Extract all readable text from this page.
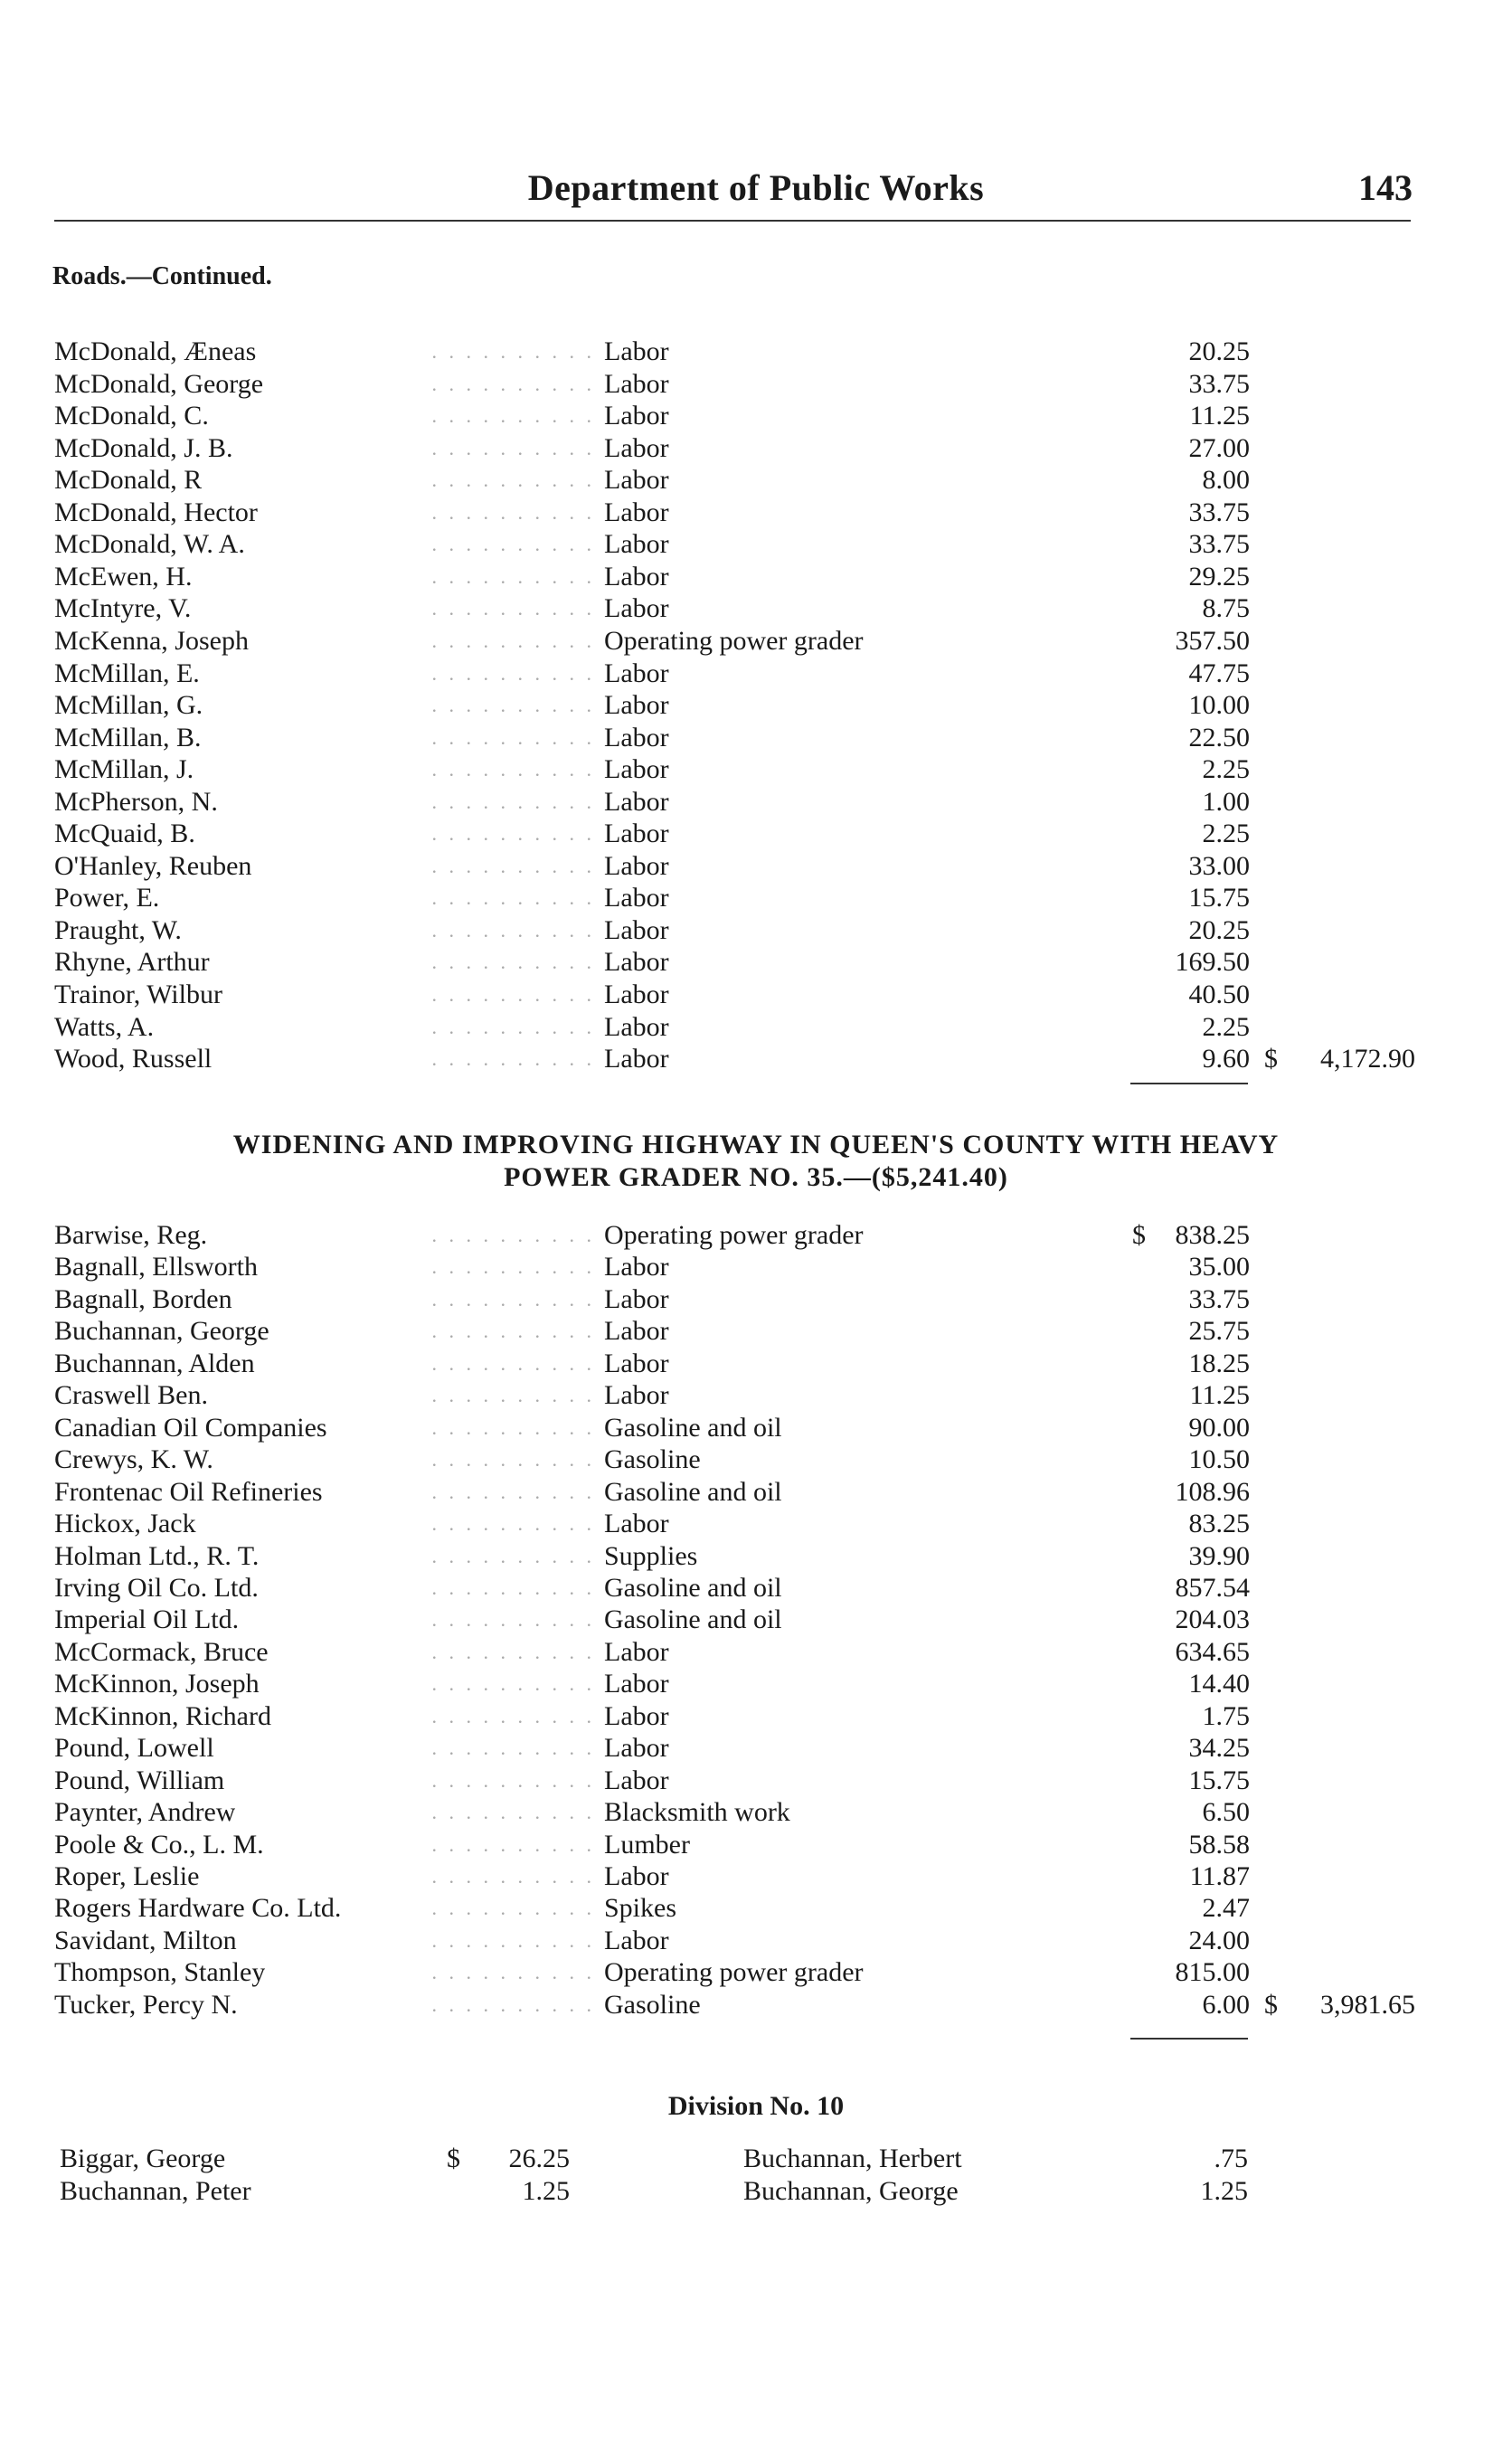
Department of Public Works	143
Roads.—Continued.
McDonald, Æneas	. . . . . . . . . . Labor	20.25
McDonald, George	. . . . . . . . . . Labor	33.75
McDonald, C.	. . . . . . . . . . Labor	11.25
McDonald, J. B.	. . . . . . . . . . Labor	27.00
McDonald, R	. . . . . . . . . . Labor	8.00
McDonald, Hector	. . . . . . . . . . Labor	33.75
McDonald, W. A.	. . . . . . . . . . Labor	33.75
McEwen, H.	. . . . . . . . . . Labor	29.25
McIntyre, V.	. . . . . . . . . . Labor	8.75
McKenna, Joseph	. . . . . . . . . . Operating power grader	357.50
McMillan, E.	. . . . . . . . . . Labor	47.75
McMillan, G.	. . . . . . . . . . Labor	10.00
McMillan, B.	. . . . . . . . . . Labor	22.50
McMillan, J.	. . . . . . . . . . Labor	2.25
McPherson, N.	. . . . . . . . . . Labor	1.00
McQuaid, B.	. . . . . . . . . . Labor	2.25
O'Hanley, Reuben	. . . . . . . . . . Labor	33.00
Power, E.	. . . . . . . . . . Labor	15.75
Praught, W.	. . . . . . . . . . Labor	20.25
Rhyne, Arthur	. . . . . . . . . . Labor	169.50
Trainor, Wilbur	. . . . . . . . . . Labor	40.50
Watts, A.	. . . . . . . . . . Labor	2.25
Wood, Russell	. . . . . . . . . . Labor	9.60 $	4,172.90
WIDENING AND IMPROVING HIGHWAY IN QUEEN'S COUNTY WITH HEAVY
POWER GRADER NO. 35.—($5,241.40)
Barwise, Reg.	. . . . . . . . . . Operating power grader	$	838.25
Bagnall, Ellsworth	. . . . . . . . . . Labor	35.00
Bagnall, Borden	. . . . . . . . . . Labor	33.75
Buchannan, George	. . . . . . . . . . Labor	25.75
Buchannan, Alden	. . . . . . . . . . Labor	18.25
Craswell Ben.	. . . . . . . . . . Labor	11.25
Canadian Oil Companies	. . . . . . . . . . Gasoline and oil	90.00
Crewys, K. W.	. . . . . . . . . . Gasoline	10.50
Frontenac Oil Refineries	. . . . . . . . . . Gasoline and oil	108.96
Hickox, Jack	. . . . . . . . . . Labor	83.25
Holman Ltd., R. T.	. . . . . . . . . . Supplies	39.90
Irving Oil Co. Ltd.	. . . . . . . . . . Gasoline and oil	857.54
Imperial Oil Ltd.	. . . . . . . . . . Gasoline and oil	204.03
McCormack, Bruce	. . . . . . . . . . Labor	634.65
McKinnon, Joseph	. . . . . . . . . . Labor	14.40
McKinnon, Richard	. . . . . . . . . . Labor	1.75
Pound, Lowell	. . . . . . . . . . Labor	34.25
Pound, William	. . . . . . . . . . Labor	15.75
Paynter, Andrew	. . . . . . . . . . Blacksmith work	6.50
Poole & Co., L. M.	. . . . . . . . . . Lumber	58.58
Roper, Leslie	. . . . . . . . . . Labor	11.87
Rogers Hardware Co. Ltd.	. . . . . . . . . . Spikes	2.47
Savidant, Milton	. . . . . . . . . . Labor	24.00
Thompson, Stanley	. . . . . . . . . . Operating power grader	815.00
Tucker, Percy N.	. . . . . . . . . . Gasoline	6.00 $	3,981.65
Division No. 10
Biggar, George	$	26.25	Buchannan, Herbert	.75
Buchannan, Peter	1.25	Buchannan, George	1.25
